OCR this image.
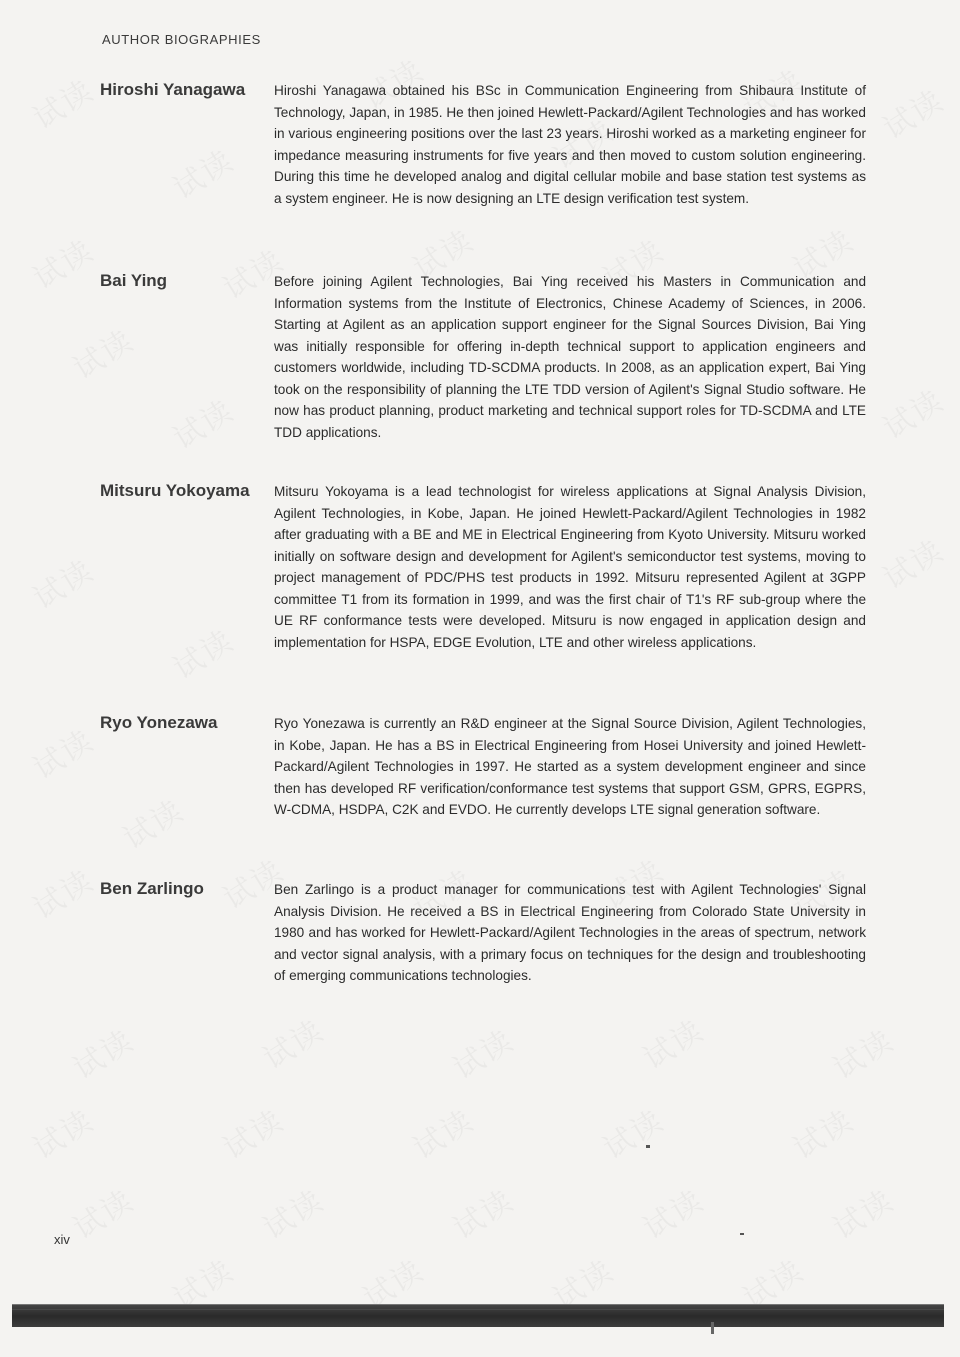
试读
试读
试读
试读
试读 试读
试读	试读	试读	试读	试读
试读
试读	试读
试读
试读
试读
试读
试读
试读	试读	试读	试读	试读
试读	试读	试读	试读	试读
试读	试读	试读	试读	试读
试读	试读	试读	试读	试读
试读	试读	试读	试读
AUTHOR BIOGRAPHIES
Hiroshi Yanagawa	Hiroshi Yanagawa obtained his BSc in Communication Engineering from Shibaura Institute of Technology, Japan, in 1985. He then joined Hewlett-Packard/Agilent Technologies and has worked in various engineering positions over the last 23 years. Hiroshi worked as a marketing engineer for impedance measuring instruments for five years and then moved to custom solution engineering. During this time he developed analog and digital cellular mobile and base station test systems as a system engineer. He is now designing an LTE design verification test system.

Bai Ying	Before joining Agilent Technologies, Bai Ying received his Masters in Communication and Information systems from the Institute of Electronics, Chinese Academy of Sciences, in 2006. Starting at Agilent as an application support engineer for the Signal Sources Division, Bai Ying was initially responsible for offering in-depth technical support to application engineers and customers worldwide, including TD-SCDMA products. In 2008, as an application expert, Bai Ying took on the responsibility of planning the LTE TDD version of Agilent's Signal Studio software. He now has product planning, product marketing and technical support roles for TD-SCDMA and LTE TDD applications.

Mitsuru Yokoyama	Mitsuru Yokoyama is a lead technologist for wireless applications at Signal Analysis Division, Agilent Technologies, in Kobe, Japan. He joined Hewlett-Packard/Agilent Technologies in 1982 after graduating with a BE and ME in Electrical Engineering from Kyoto University. Mitsuru worked initially on software design and development for Agilent's semiconductor test systems, moving to project management of PDC/PHS test products in 1992. Mitsuru represented Agilent at 3GPP committee T1 from its formation in 1999, and was the first chair of T1's RF sub-group where the UE RF conformance tests were developed. Mitsuru is now engaged in application design and implementation for HSPA, EDGE Evolution, LTE and other wireless applications.

Ryo Yonezawa	Ryo Yonezawa is currently an R&D engineer at the Signal Source Division, Agilent Technologies, in Kobe, Japan. He has a BS in Electrical Engineering from Hosei University and joined Hewlett-Packard/Agilent Technologies in 1997. He started as a system development engineer and since then has developed RF verification/conformance test systems that support GSM, GPRS, EGPRS, W-CDMA, HSDPA, C2K and EVDO. He currently develops LTE signal generation software.

Ben Zarlingo	Ben Zarlingo is a product manager for communications test with Agilent Technologies' Signal Analysis Division. He received a BS in Electrical Engineering from Colorado State University in 1980 and has worked for Hewlett-Packard/Agilent Technologies in the areas of spectrum, network and vector signal analysis, with a primary focus on techniques for the design and troubleshooting of emerging communications technologies.

xiv
